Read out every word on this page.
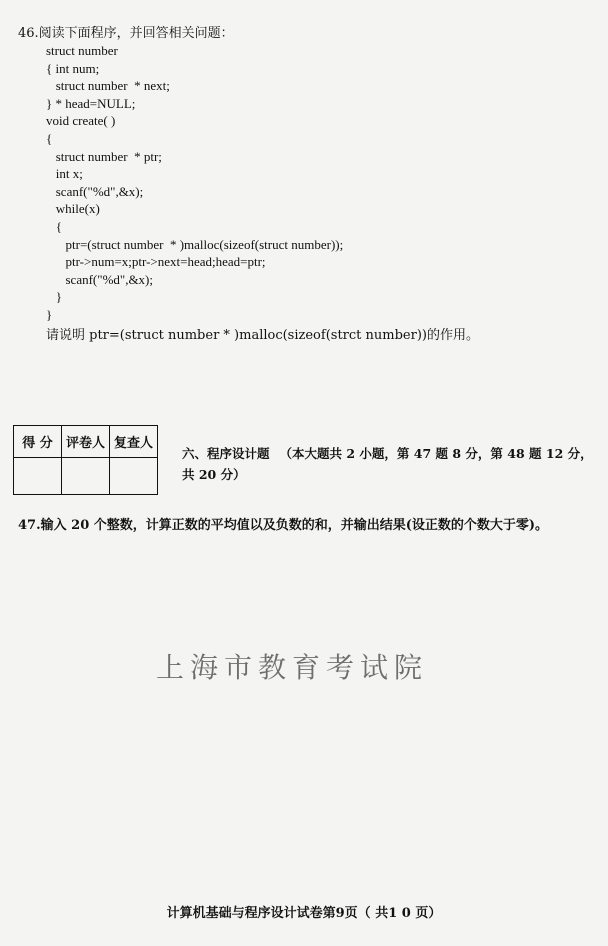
46.阅读下面程序，并回答相关问题：
struct number
{ int num;
struct number  * next;
} * head=NULL;
void create( )
{
struct number  * ptr;
int x;
scanf("%d",&x);
while(x)
{
ptr=(struct number  * )malloc(sizeof(struct number));
ptr->num=x;ptr->next=head;head=ptr;
scanf("%d",&x);
}
}
请说明 ptr=(struct number * )malloc(sizeof(strct number))的作用。
得 分	评卷人	复查人

六、程序设计题 （本大题共 2 小题，第 47 题 8 分，第 48 题 12 分，
共 20 分）
47.输入 20 个整数，计算正数的平均值以及负数的和，并输出结果(设正数的个数大于零)。
上海市教育考试院
计算机基础与程序设计试卷第9页（ 共1 0 页）
